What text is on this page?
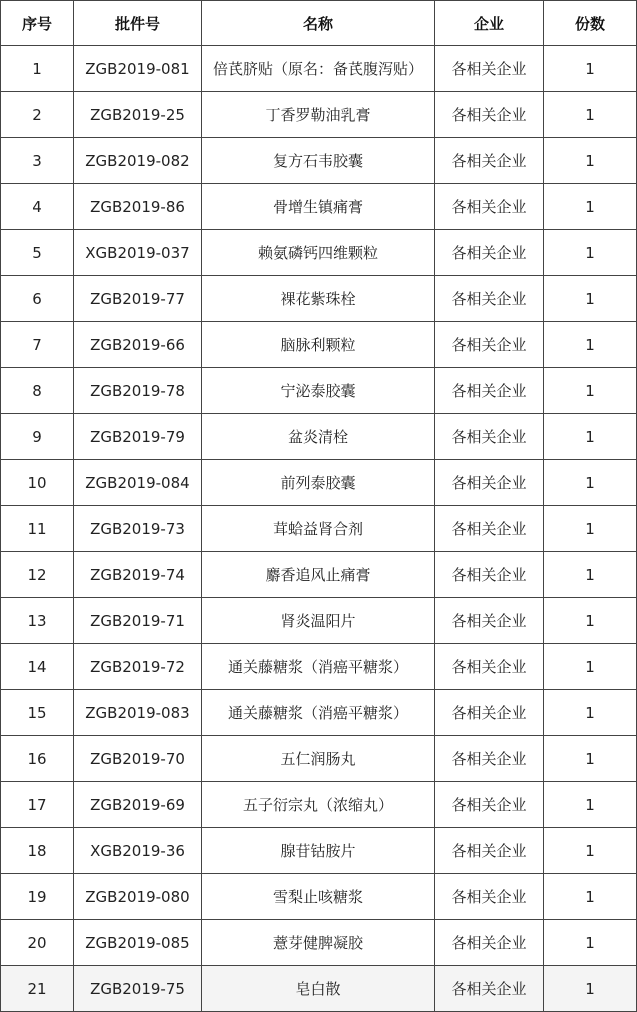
序号	批件号	名称	企业	份数
1	ZGB2019-081	倍芪脐贴（原名：备芪腹泻贴）	各相关企业	1
2	ZGB2019-25	丁香罗勒油乳膏	各相关企业	1
3	ZGB2019-082	复方石韦胶囊	各相关企业	1
4	ZGB2019-86	骨增生镇痛膏	各相关企业	1
5	XGB2019-037	赖氨磷钙四维颗粒	各相关企业	1
6	ZGB2019-77	裸花紫珠栓	各相关企业	1
7	ZGB2019-66	脑脉利颗粒	各相关企业	1
8	ZGB2019-78	宁泌泰胶囊	各相关企业	1
9	ZGB2019-79	盆炎清栓	各相关企业	1
10	ZGB2019-084	前列泰胶囊	各相关企业	1
11	ZGB2019-73	茸蛤益肾合剂	各相关企业	1
12	ZGB2019-74	麝香追风止痛膏	各相关企业	1
13	ZGB2019-71	肾炎温阳片	各相关企业	1
14	ZGB2019-72	通关藤糖浆（消癌平糖浆）	各相关企业	1
15	ZGB2019-083	通关藤糖浆（消癌平糖浆）	各相关企业	1
16	ZGB2019-70	五仁润肠丸	各相关企业	1
17	ZGB2019-69	五子衍宗丸（浓缩丸）	各相关企业	1
18	XGB2019-36	腺苷钴胺片	各相关企业	1
19	ZGB2019-080	雪梨止咳糖浆	各相关企业	1
20	ZGB2019-085	薏芽健脾凝胶	各相关企业	1
21	ZGB2019-75	皂白散	各相关企业	1
